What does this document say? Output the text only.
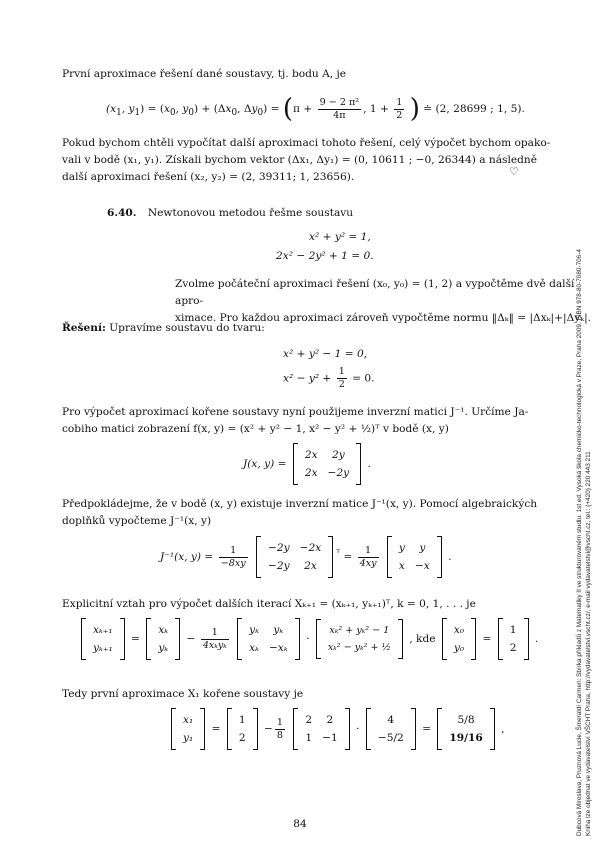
Dubcová Miroslava, Pruznová Lucie, Šmeraldí Carmen: Sbírka příkladů z Matematiky II ve strukturovaném studiu. 1st ed. Vysoká škola chemicko-technologická v Praze, Praha 2009. ISBN 978-80-7080-706-4 Kniha lze objednat ve vydavatelství VŠCHT Praha, http://vydavatelstvi.vscht.cz/, e-mail vydavatelstvi@vscht.cz, tel.: (+420) 220 443 211
První aproximace řešení dané soustavy, tj. bodu A, je
($x_1$, $y_1) = (x_0$, $y_0) + (\Delta x_0$, $\Delta y_0) = (\pi + \frac{\text{9 − 2 π²}}{4\pi}$ , $1 + \frac{1}{2}$ ) ≐ (2, 28699 ; 1, 5).
Pokud bychom chtěli vypočítat další aproximaci tohoto řešení, celý výpočet bychom opako-
vali v bodě (x₁, y₁). Získali bychom vektor (Δx₁, Δy₁) = (0, 10611 ; −0, 26344) a následně
další aproximaci řešení (x₂, y₂) = (2, 39311; 1, 23656).	♡
6.40. Newtonovou metodou řešme soustavu
x² + y² = 1,
2x² − 2y² + 1 = 0.
Zvolme počáteční aproximaci řešení (x₀, y₀) = (1, 2) a vypočtěme dvě další apro-
ximace. Pro každou aproximaci zároveň vypočtěme normu ‖Δₖ‖ = |Δxₖ|+|Δyₖ|.
Řešení: Upravíme soustavu do tvaru:
x² + y² − 1 = 0,
$x^2 - y^2 + \frac{1}{2} = 0$.
Pro výpočet aproximací kořene soustavy nyní použijeme inverzní matici J⁻¹. Určíme Ja-
cobiho matici zobrazení f(x, y) = (x² + y² − 1, x² − y² + ½)ᵀ v bodě (x, y)
J(x, y) =
2x	2y
2x	−2y
.
Předpokládejme, že v bodě (x, y) existuje inverzní matice J⁻¹(x, y). Pomocí algebraických
doplňků vypočteme J⁻¹(x, y)
J⁻¹(x, $y) = \frac{1}{-8xy}$
−2y	−2x
−2y	2x
$^ᵀ = \frac{1}{4xy}$
y	y
x	−x
.
Explicitní vztah pro výpočet dalších iterací Xₖ₊₁ = (xₖ₊₁, yₖ₊₁)ᵀ, k = 0, 1, . . . je
xₖ₊₁
yₖ₊₁
=
xₖ
yₖ
− $\frac{1}{\text{4xₖyₖ}}$
yₖ	yₖ
xₖ	−xₖ
·
xₖ² + yₖ² − 1
xₖ² − yₖ² + ½
, kde
x₀
y₀
=
1
2
.
Tedy první aproximace X₁ kořene soustavy je
x₁
y₁
=
1
2
− $\frac{1}{8}$
2	2
1	−1
·
4
−5/2
=
5/8
19/16
,
84
